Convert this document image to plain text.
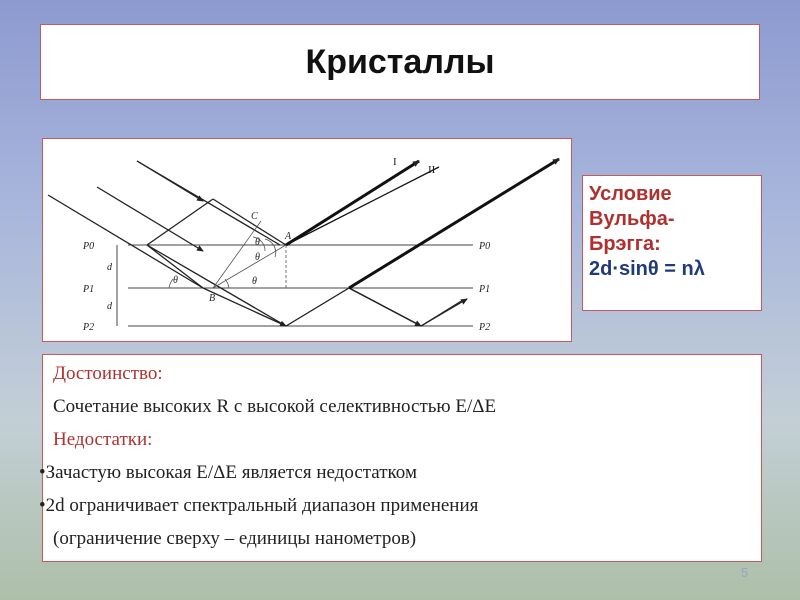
Кристаллы
P0
P1
P2
P0
P1
P2
d
d
I
II
C
A
B
θ
θ
θ
θ
Условие
Вульфа-
Брэгга:
2d·sinθ = nλ
Достоинство:
Сочетание высоких R с высокой селективностью E/ΔE
Недостатки:
•Зачастую высокая E/ΔE является недостатком
•2d ограничивает спектральный диапазон применения
(ограничение сверху – единицы нанометров)
5
